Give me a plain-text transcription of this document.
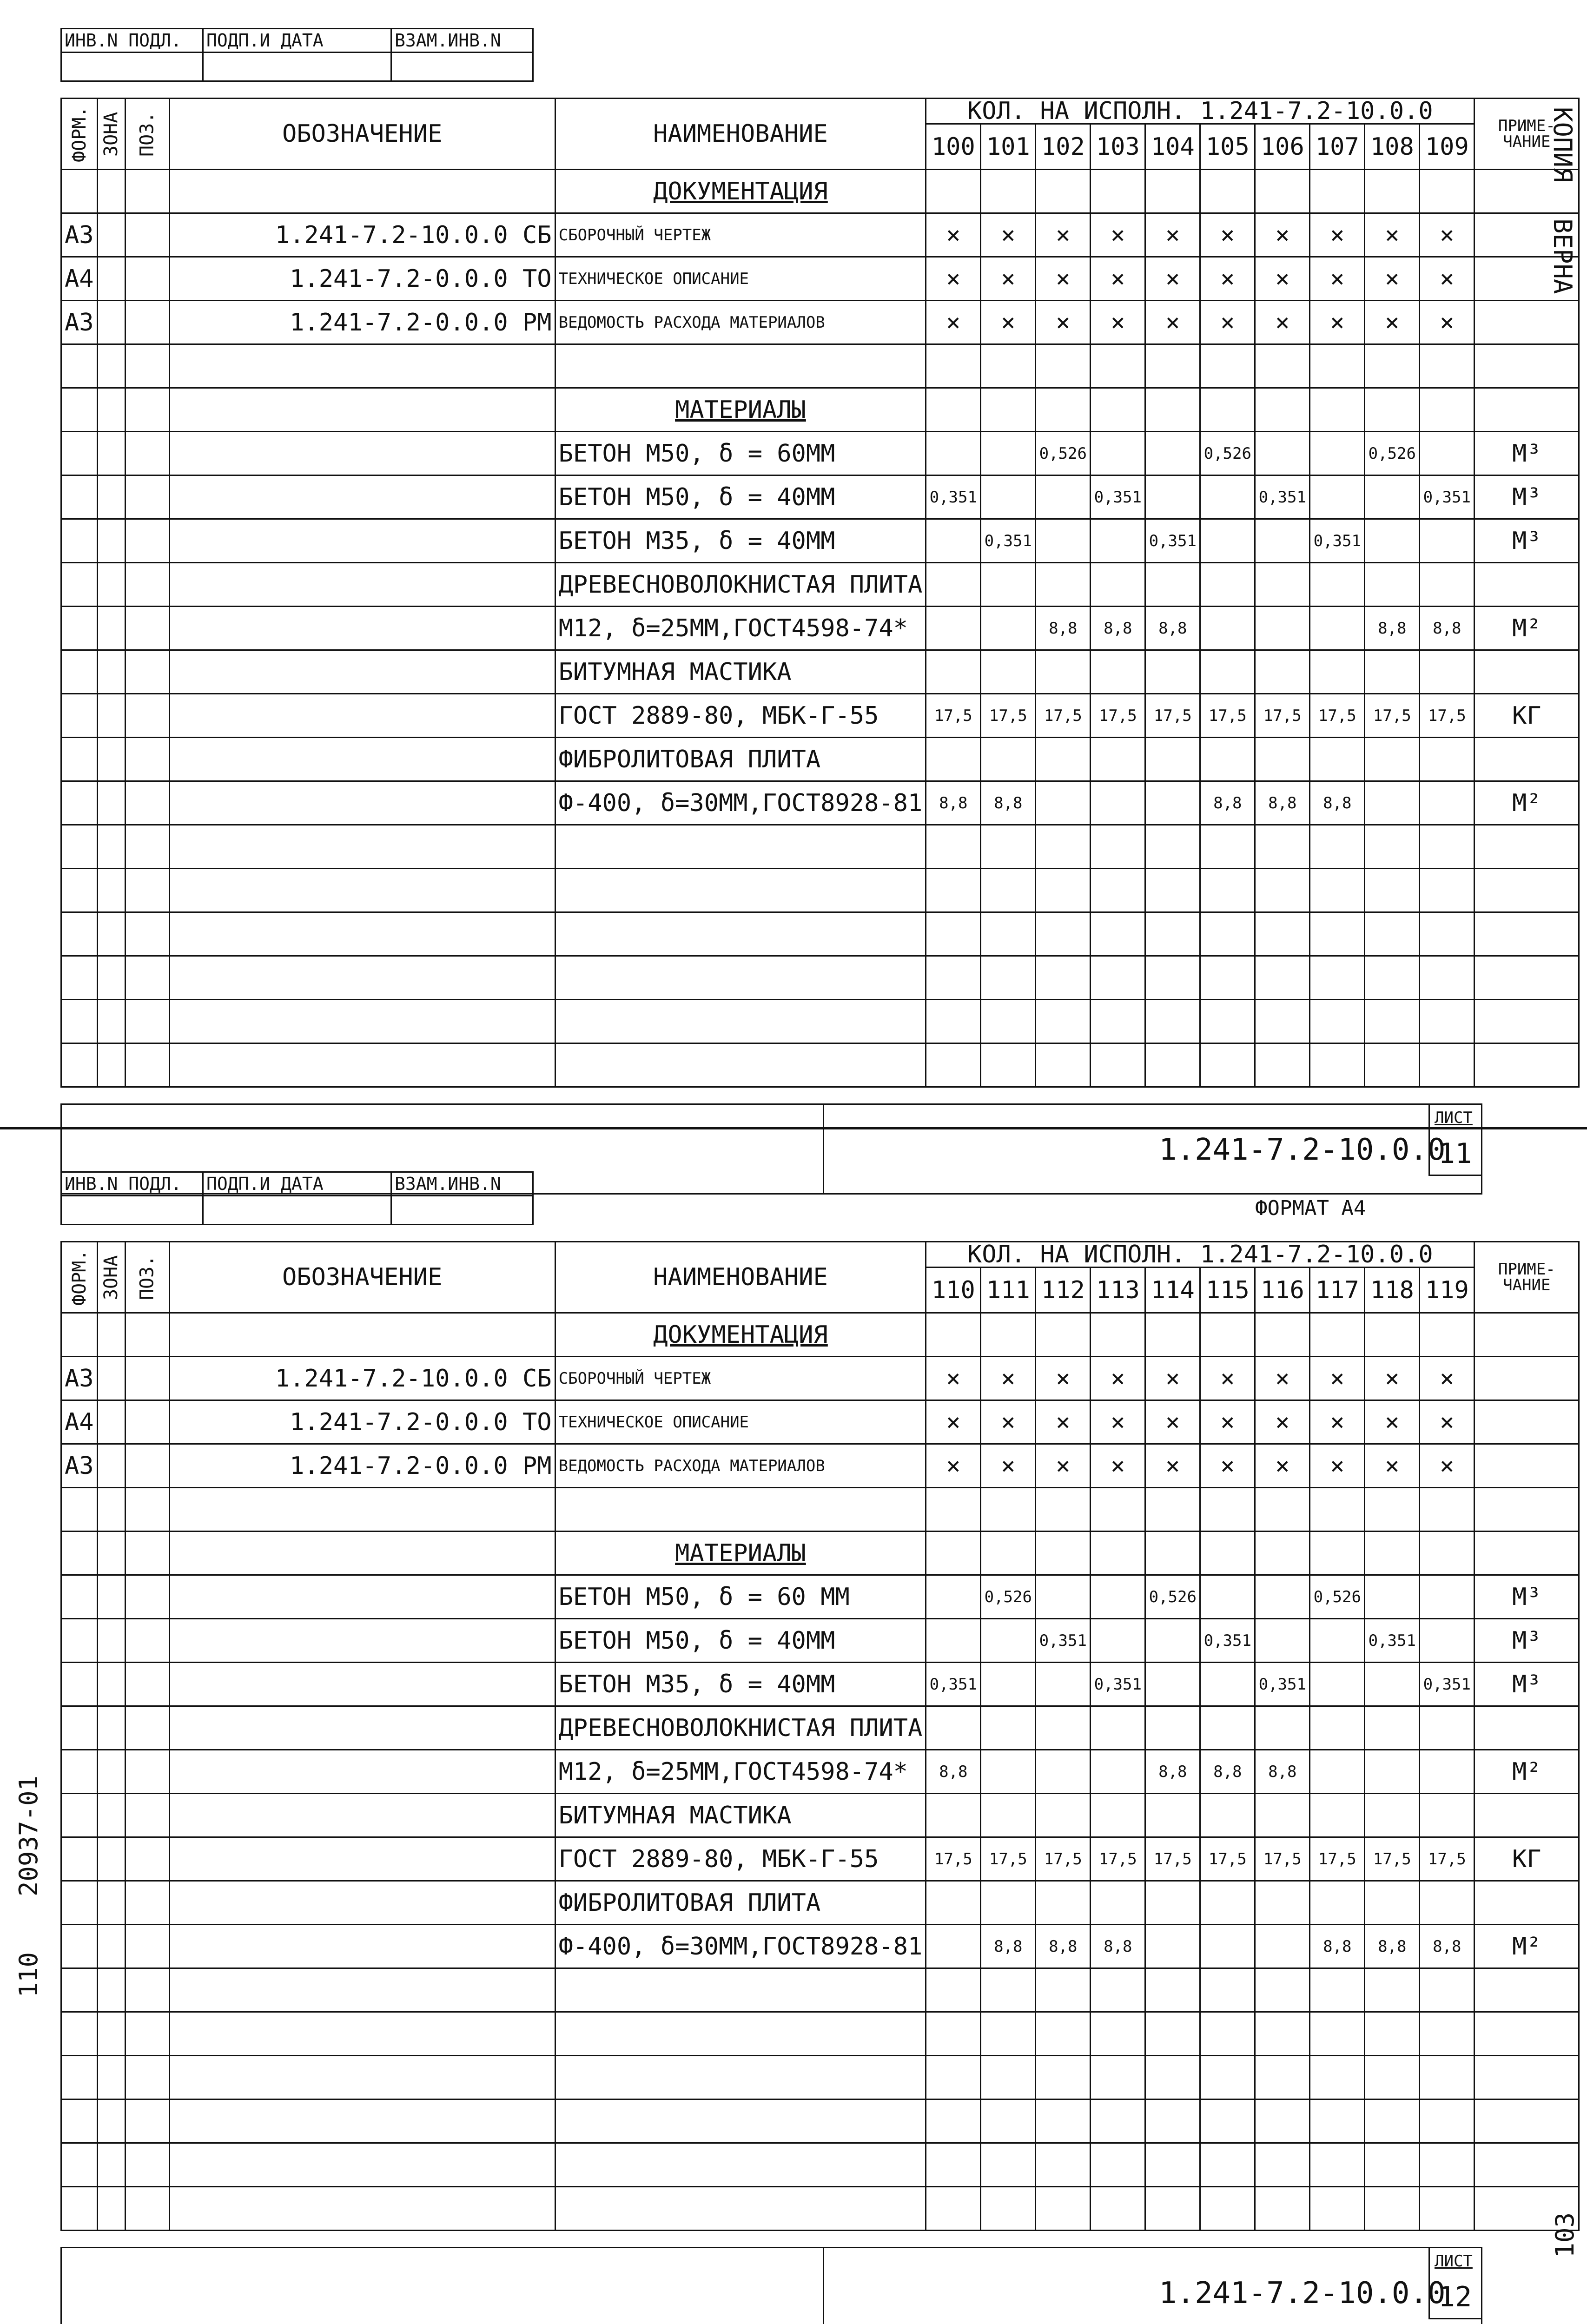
ИНВ.N ПОДЛ.	ПОДП.И ДАТА	ВЗАМ.ИНВ.N

ФОРМ.	ЗОНА	ПОЗ.	ОБОЗНАЧЕНИЕ	НАИМЕНОВАНИЕ	КОЛ. НА ИСПОЛН. 1.241-7.2-10.0.0										ПРИМЕ-ЧАНИЕ
					100	101	102	103	104	105	106	107	108	109	
				ДОКУМЕНТАЦИЯ											
А3			1.241-7.2-10.0.0 СБ	СБОРОЧНЫЙ ЧЕРТЕЖ	×	×	×	×	×	×	×	×	×	×	
А4			1.241-7.2-0.0.0 ТО	ТЕХНИЧЕСКОЕ ОПИСАНИЕ	×	×	×	×	×	×	×	×	×	×	
А3			1.241-7.2-0.0.0 РМ	ВЕДОМОСТЬ РАСХОДА МАТЕРИАЛОВ	×	×	×	×	×	×	×	×	×	×	

				МАТЕРИАЛЫ											
				БЕТОН М50, δ = 60ММ			0,526			0,526			0,526		М³
				БЕТОН М50, δ = 40ММ	0,351			0,351			0,351			0,351	М³
				БЕТОН М35, δ = 40ММ		0,351			0,351			0,351			М³
				ДРЕВЕСНОВОЛОКНИСТАЯ ПЛИТА											
				М12, δ=25ММ,ГОСТ4598-74*			8,8	8,8	8,8				8,8	8,8	М²
				БИТУМНАЯ МАСТИКА											
				ГОСТ 2889-80, МБК-Г-55	17,5	17,5	17,5	17,5	17,5	17,5	17,5	17,5	17,5	17,5	КГ
				ФИБРОЛИТОВАЯ ПЛИТА											
				Ф-400, δ=30ММ,ГОСТ8928-81	8,8	8,8				8,8	8,8	8,8			М²

1.241-7.2-10.0.0
ЛИСТ
11
ФОРМАТ А4
ИНВ.N ПОДЛ.	ПОДП.И ДАТА	ВЗАМ.ИНВ.N

ФОРМ.	ЗОНА	ПОЗ.	ОБОЗНАЧЕНИЕ	НАИМЕНОВАНИЕ	КОЛ. НА ИСПОЛН. 1.241-7.2-10.0.0										ПРИМЕ-ЧАНИЕ
					110	111	112	113	114	115	116	117	118	119	
				ДОКУМЕНТАЦИЯ											
А3			1.241-7.2-10.0.0 СБ	СБОРОЧНЫЙ ЧЕРТЕЖ	×	×	×	×	×	×	×	×	×	×	
А4			1.241-7.2-0.0.0 ТО	ТЕХНИЧЕСКОЕ ОПИСАНИЕ	×	×	×	×	×	×	×	×	×	×	
А3			1.241-7.2-0.0.0 РМ	ВЕДОМОСТЬ РАСХОДА МАТЕРИАЛОВ	×	×	×	×	×	×	×	×	×	×	

				МАТЕРИАЛЫ											
				БЕТОН М50, δ = 60 ММ		0,526			0,526			0,526			М³
				БЕТОН М50, δ = 40ММ			0,351			0,351			0,351		М³
				БЕТОН М35, δ = 40ММ	0,351			0,351			0,351			0,351	М³
				ДРЕВЕСНОВОЛОКНИСТАЯ ПЛИТА											
				М12, δ=25ММ,ГОСТ4598-74*	8,8				8,8	8,8	8,8				М²
				БИТУМНАЯ МАСТИКА											
				ГОСТ 2889-80, МБК-Г-55	17,5	17,5	17,5	17,5	17,5	17,5	17,5	17,5	17,5	17,5	КГ
				ФИБРОЛИТОВАЯ ПЛИТА											
				Ф-400, δ=30ММ,ГОСТ8928-81		8,8	8,8	8,8				8,8	8,8	8,8	М²

1.241-7.2-10.0.0
ЛИСТ
12
КОПИЯ
ВЕРНА
20937-01
110
103
